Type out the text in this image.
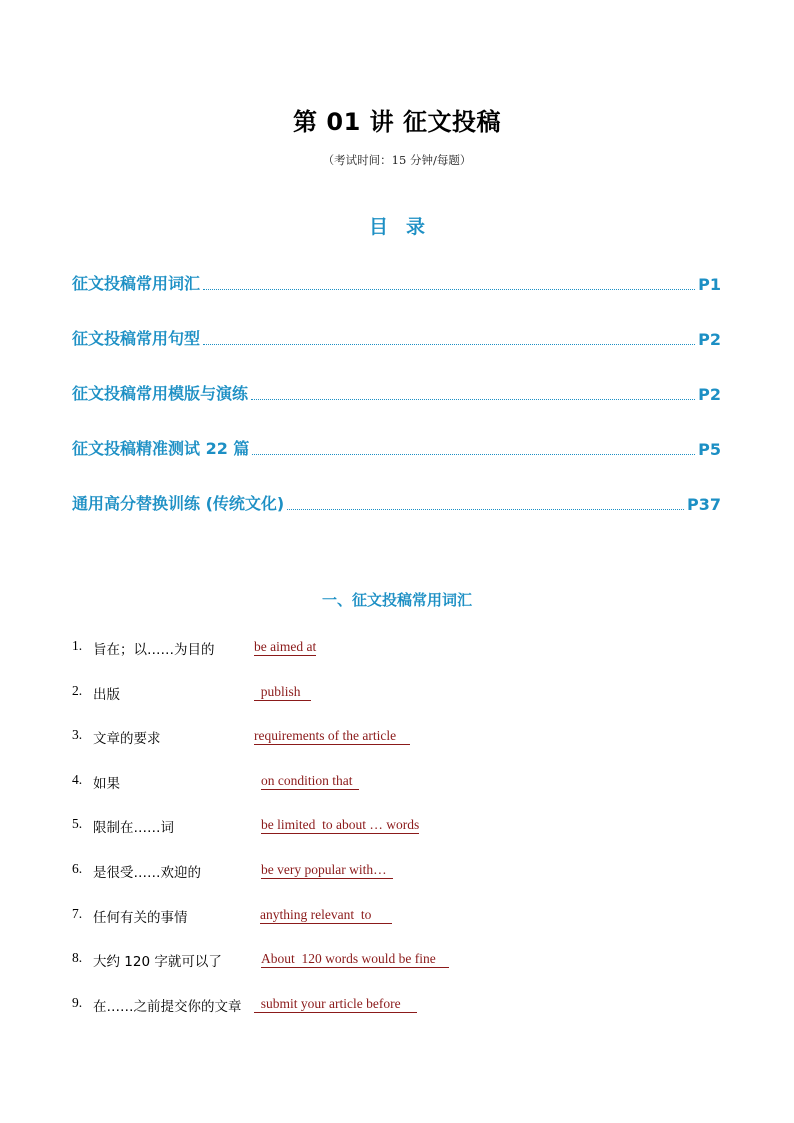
第 01 讲 征文投稿
（考试时间：15 分钟/每题）
目录
征文投稿常用词汇	P1
征文投稿常用句型	P2
征文投稿常用模版与演练	P2
征文投稿精准测试 22 篇	P5
通用高分替换训练 (传统文化)	P37
一、征文投稿常用词汇
1. 旨在；以……为目的	be aimed at
2. 出版	publish
3. 文章的要求	requirements of the article
4. 如果	on condition that
5. 限制在……词	be limited  to about … words
6. 是很受……欢迎的	be very popular with…
7. 任何有关的事情	anything relevant  to
8. 大约 120 字就可以了	About  120 words would be fine
9. 在……之前提交你的文章 submit your article before
